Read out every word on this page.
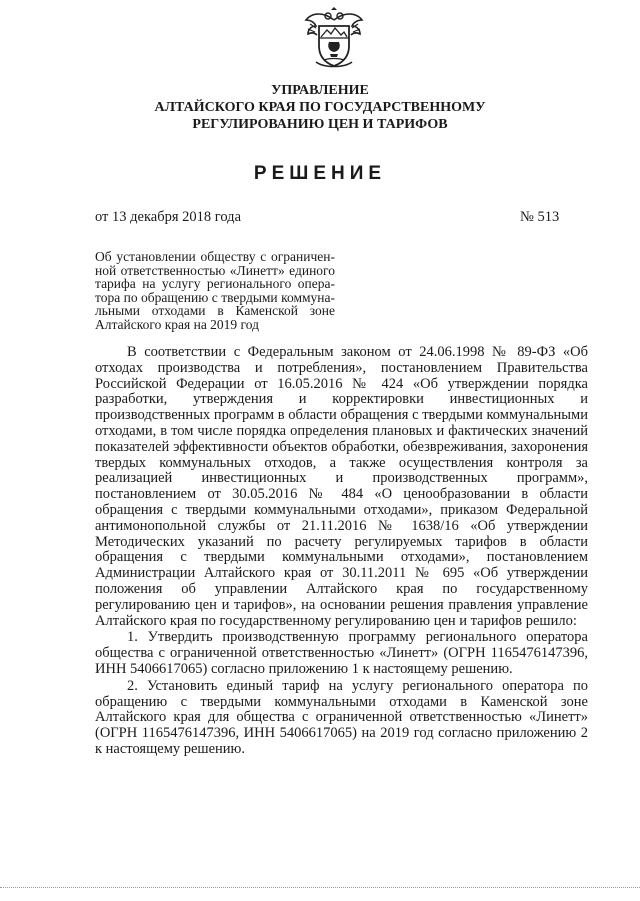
УПРАВЛЕНИЕ
АЛТАЙСКОГО КРАЯ ПО ГОСУДАРСТВЕННОМУ
РЕГУЛИРОВАНИЮ ЦЕН И ТАРИФОВ
РЕШЕНИЕ
от 13 декабря 2018 года	№ 513
Об установлении обществу с ограничен-
ной ответственностью «Линетт» единого
тарифа на услугу регионального опера-
тора по обращению с твердыми коммуна-
льными отходами в Каменской зоне
Алтайского края на 2019 год

В соответствии с Федеральным законом от 24.06.1998 № 89-ФЗ «Об отходах производства и потребления», постановлением Правительства Российской Федерации от 16.05.2016 № 424 «Об утверждении порядка разработки, утверждения и корректировки инвестиционных и производственных программ в области обращения с твердыми коммунальными отходами, в том числе порядка определения плановых и фактических значений показателей эффективности объектов обработки, обезвреживания, захоронения твердых коммунальных отходов, а также осуществления контроля за реализацией инвестиционных и производственных программ», постановлением от 30.05.2016 № 484 «О ценообразовании в области обращения с твердыми коммунальными отходами», приказом Федеральной антимонопольной службы от 21.11.2016 № 1638/16 «Об утверждении Методических указаний по расчету регулируемых тарифов в области обращения с твердыми коммунальными отходами», постановлением Администрации Алтайского края от 30.11.2011 № 695 «Об утверждении положения об управлении Алтайского края по государственному регулированию цен и тарифов», на основании решения правления управление Алтайского края по государственному регулированию цен и тарифов решило:

1. Утвердить производственную программу регионального оператора общества с ограниченной ответственностью «Линетт» (ОГРН 1165476147396, ИНН 5406617065) согласно приложению 1 к настоящему решению.

2. Установить единый тариф на услугу регионального оператора по обращению с твердыми коммунальными отходами в Каменской зоне Алтайского края для общества с ограниченной ответственностью «Линетт» (ОГРН 1165476147396, ИНН 5406617065) на 2019 год согласно приложению 2 к настоящему решению.
